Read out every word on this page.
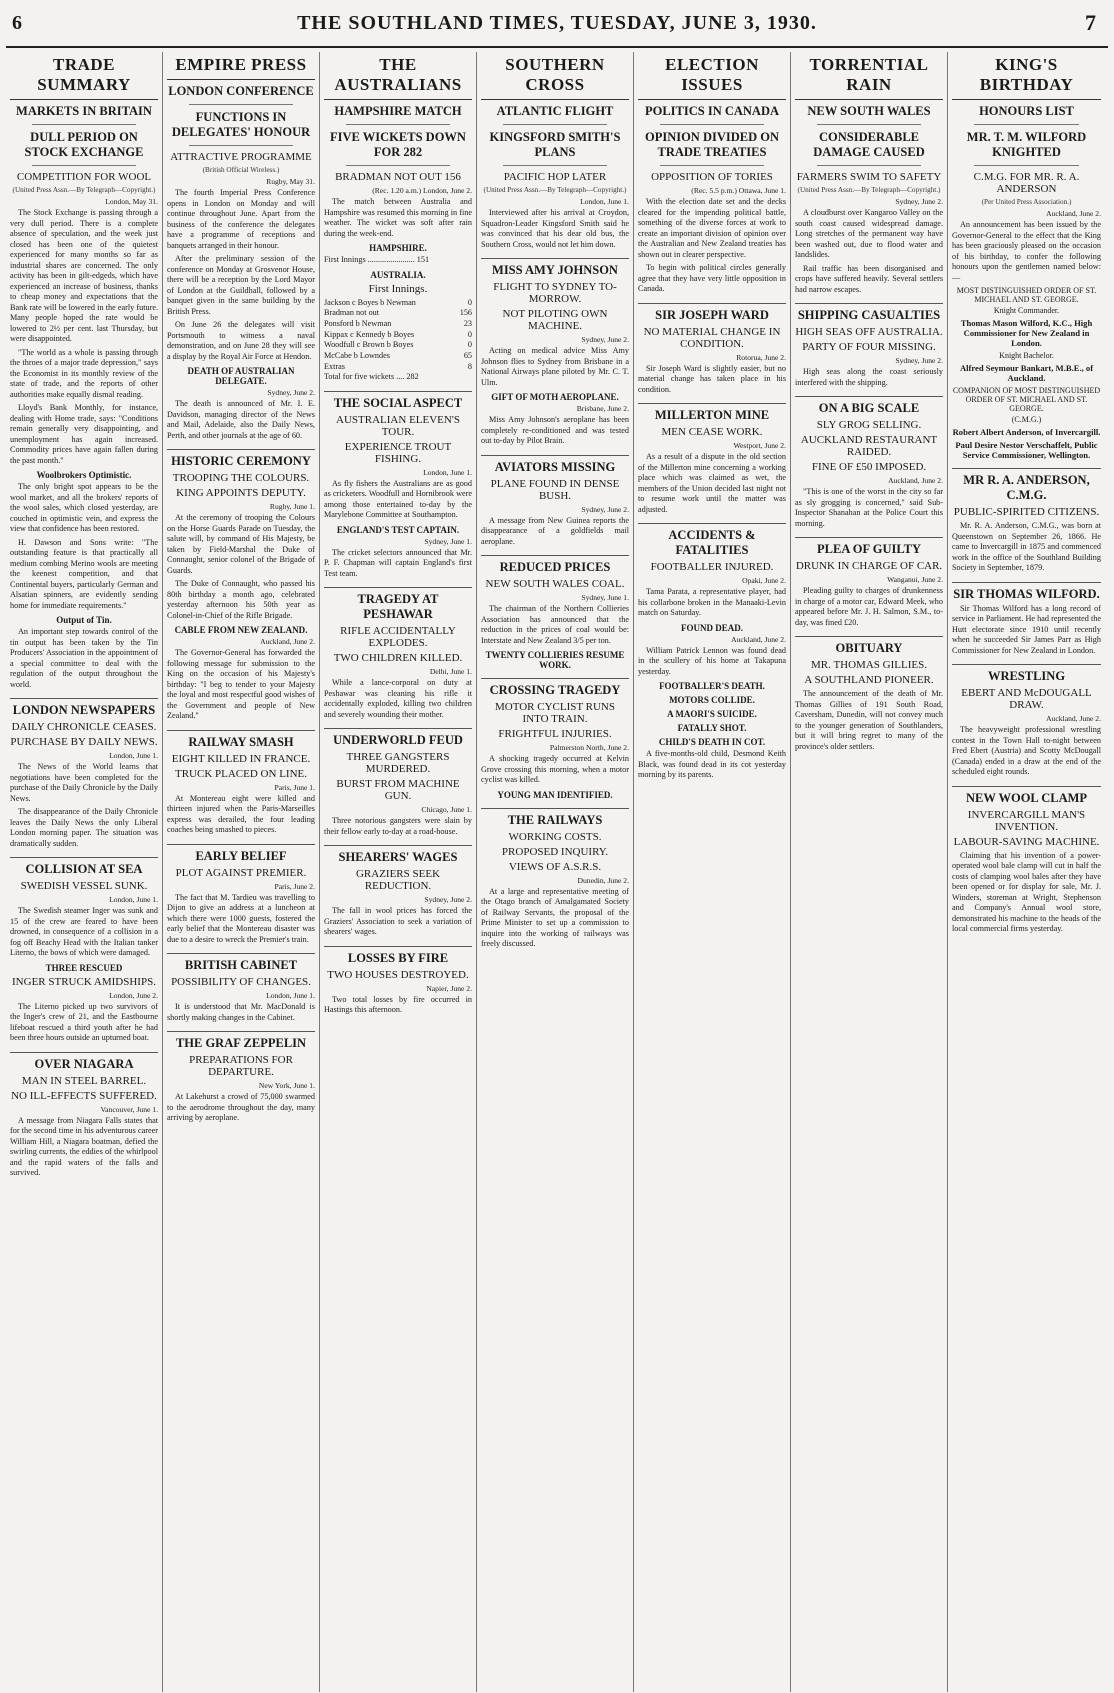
6	THE SOUTHLAND TIMES, TUESDAY, JUNE 3, 1930.	7
TRADE SUMMARY
MARKETS IN BRITAIN
DULL PERIOD ON STOCK EXCHANGE
COMPETITION FOR WOOL
(United Press Assn.—By Telegraph—Copyright.)
London, May 31.

The Stock Exchange is passing through a very dull period. There is a complete absence of speculation, and the week just closed has been one of the quietest experienced for many months so far as industrial shares are concerned. The only activity has been in gilt-edgeds, which have experienced an increase of business, thanks to cheap money and expectations that the Bank rate will be lowered in the early future. Many people hoped the rate would be lowered to 2½ per cent. last Thursday, but were disappointed.

"The world as a whole is passing through the throes of a major trade depression," says the Economist in its monthly review of the state of trade, and the reports of other authorities make equally dismal reading.

Lloyd's Bank Monthly, for instance, dealing with Home trade, says: "Conditions remain generally very disappointing, and unemployment has again increased. Commodity prices have again fallen during the past month."

Woolbrokers Optimistic.

The only bright spot appears to be the wool market, and all the brokers' reports of the wool sales, which closed yesterday, are couched in optimistic vein, and express the view that confidence has been restored.

H. Dawson and Sons write: "The outstanding feature is that practically all medium combing Merino wools are meeting the keenest competition, and that Continental buyers, particularly German and Alsatian spinners, are evidently sending home for immediate requirements."

Output of Tin.

An important step towards control of the tin output has been taken by the Tin Producers' Association in the appointment of a special committee to deal with the regulation of the output throughout the world.

LONDON NEWSPAPERS
DAILY CHRONICLE CEASES.
PURCHASE BY DAILY NEWS.
London, June 1.

The News of the World learns that negotiations have been completed for the purchase of the Daily Chronicle by the Daily News.

The disappearance of the Daily Chronicle leaves the Daily News the only Liberal London morning paper. The situation was dramatically sudden.

COLLISION AT SEA
SWEDISH VESSEL SUNK.
London, June 1.

The Swedish steamer Inger was sunk and 15 of the crew are feared to have been drowned, in consequence of a collision in a fog off Beachy Head with the Italian tanker Literno, the bows of which were damaged.

THREE RESCUED
INGER STRUCK AMIDSHIPS.
London, June 2.

The Literno picked up two survivors of the Inger's crew of 21, and the Eastbourne lifeboat rescued a third youth after he had been three hours outside an upturned boat.

OVER NIAGARA
MAN IN STEEL BARREL.
NO ILL-EFFECTS SUFFERED.
Vancouver, June 1.

A message from Niagara Falls states that for the second time in his adventurous career William Hill, a Niagara boatman, defied the swirling currents, the eddies of the whirlpool and the rapid waters of the falls and survived.

EMPIRE PRESS
LONDON CONFERENCE
FUNCTIONS IN DELEGATES' HONOUR
ATTRACTIVE PROGRAMME
(British Official Wireless.)
Rugby, May 31.

The fourth Imperial Press Conference opens in London on Monday and will continue throughout June. Apart from the business of the conference the delegates have a programme of receptions and banquets arranged in their honour.

After the preliminary session of the conference on Monday at Grosvenor House, there will be a reception by the Lord Mayor of London at the Guildhall, followed by a banquet given in the same building by the British Press.

On June 26 the delegates will visit Portsmouth to witness a naval demonstration, and on June 28 they will see a display by the Royal Air Force at Hendon.

DEATH OF AUSTRALIAN DELEGATE.
Sydney, June 2.

The death is announced of Mr. I. E. Davidson, managing director of the News and Mail, Adelaide, also the Daily News, Perth, and other journals at the age of 60.

HISTORIC CEREMONY
TROOPING THE COLOURS.
KING APPOINTS DEPUTY.
Rugby, June 1.

At the ceremony of trooping the Colours on the Horse Guards Parade on Tuesday, the salute will, by command of His Majesty, be taken by Field-Marshal the Duke of Connaught, senior colonel of the Brigade of Guards.

The Duke of Connaught, who passed his 80th birthday a month ago, celebrated yesterday afternoon his 50th year as Colonel-in-Chief of the Rifle Brigade.

CABLE FROM NEW ZEALAND.
Auckland, June 2.

The Governor-General has forwarded the following message for submission to the King on the occasion of his Majesty's birthday: "I beg to tender to your Majesty the loyal and most respectful good wishes of the Government and people of New Zealand."

RAILWAY SMASH
EIGHT KILLED IN FRANCE.
TRUCK PLACED ON LINE.
Paris, June 1.

At Montereau eight were killed and thirteen injured when the Paris-Marseilles express was derailed, the four leading coaches being smashed to pieces.

EARLY BELIEF
PLOT AGAINST PREMIER.
Paris, June 2.

The fact that M. Tardieu was travelling to Dijon to give an address at a luncheon at which there were 1000 guests, fostered the early belief that the Montereau disaster was due to a desire to wreck the Premier's train.

BRITISH CABINET
POSSIBILITY OF CHANGES.
London, June 1.

It is understood that Mr. MacDonald is shortly making changes in the Cabinet.

THE GRAF ZEPPELIN
PREPARATIONS FOR DEPARTURE.
New York, June 1.

At Lakehurst a crowd of 75,000 swarmed to the aerodrome throughout the day, many arriving by aeroplane.

THE AUSTRALIANS
HAMPSHIRE MATCH
FIVE WICKETS DOWN FOR 282
BRADMAN NOT OUT 156
(Rec. 1.20 a.m.) London, June 2.

The match between Australia and Hampshire was resumed this morning in fine weather. The wicket was soft after rain during the week-end.

HAMPSHIRE.
First Innings ....................... 151
AUSTRALIA.
First Innings.
Jackson c Boyes b Newman	0
Bradman not out	156
Ponsford b Newman	23
Kippax c Kennedy b Boyes	0
Woodfull c Brown b Boyes	0
McCabe b Lowndes	65
Extras	8
Total for five wickets .... 282
THE SOCIAL ASPECT
AUSTRALIAN ELEVEN'S TOUR.
EXPERIENCE TROUT FISHING.
London, June 1.

As fly fishers the Australians are as good as cricketers. Woodfull and Hornibrook were among those entertained to-day by the Marylebone Committee at Southampton.

ENGLAND'S TEST CAPTAIN.
Sydney, June 1.

The cricket selectors announced that Mr. P. F. Chapman will captain England's first Test team.

TRAGEDY AT PESHAWAR
RIFLE ACCIDENTALLY EXPLODES.
TWO CHILDREN KILLED.
Delhi, June 1.

While a lance-corporal on duty at Peshawar was cleaning his rifle it accidentally exploded, killing two children and severely wounding their mother.

UNDERWORLD FEUD
THREE GANGSTERS MURDERED.
BURST FROM MACHINE GUN.
Chicago, June 1.

Three notorious gangsters were slain by their fellow early to-day at a road-house.

SHEARERS' WAGES
GRAZIERS SEEK REDUCTION.
Sydney, June 2.

The fall in wool prices has forced the Graziers' Association to seek a variation of shearers' wages.

LOSSES BY FIRE
TWO HOUSES DESTROYED.
Napier, June 2.

Two total losses by fire occurred in Hastings this afternoon.

SOUTHERN CROSS
ATLANTIC FLIGHT
KINGSFORD SMITH'S PLANS
PACIFIC HOP LATER
(United Press Assn.—By Telegraph—Copyright.)
London, June 1.

Interviewed after his arrival at Croydon, Squadron-Leader Kingsford Smith said he was convinced that his dear old bus, the Southern Cross, would not let him down.

MISS AMY JOHNSON
FLIGHT TO SYDNEY TO-MORROW.
NOT PILOTING OWN MACHINE.
Sydney, June 2.

Acting on medical advice Miss Amy Johnson flies to Sydney from Brisbane in a National Airways plane piloted by Mr. C. T. Ulm.

GIFT OF MOTH AEROPLANE.
Brisbane, June 2.

Miss Amy Johnson's aeroplane has been completely re-conditioned and was tested out to-day by Pilot Brain.

AVIATORS MISSING
PLANE FOUND IN DENSE BUSH.
Sydney, June 2.

A message from New Guinea reports the disappearance of a goldfields mail aeroplane.

REDUCED PRICES
NEW SOUTH WALES COAL.
Sydney, June 1.

The chairman of the Northern Collieries Association has announced that the reduction in the prices of coal would be: Interstate and New Zealand 3/5 per ton.

TWENTY COLLIERIES RESUME WORK.
CROSSING TRAGEDY
MOTOR CYCLIST RUNS INTO TRAIN.
FRIGHTFUL INJURIES.
Palmerston North, June 2.

A shocking tragedy occurred at Kelvin Grove crossing this morning, when a motor cyclist was killed.

YOUNG MAN IDENTIFIED.
THE RAILWAYS
WORKING COSTS.
PROPOSED INQUIRY.
VIEWS OF A.S.R.S.
Dunedin, June 2.

At a large and representative meeting of the Otago branch of Amalgamated Society of Railway Servants, the proposal of the Prime Minister to set up a commission to inquire into the working of railways was freely discussed.

ELECTION ISSUES
POLITICS IN CANADA
OPINION DIVIDED ON TRADE TREATIES
OPPOSITION OF TORIES
(Rec. 5.5 p.m.) Ottawa, June 1.

With the election date set and the decks cleared for the impending political battle, something of the diverse forces at work to create an important division of opinion over the Australian and New Zealand treaties has shown out in clearer perspective.

To begin with political circles generally agree that they have very little opposition in Canada.

SIR JOSEPH WARD
NO MATERIAL CHANGE IN CONDITION.
Rotorua, June 2.

Sir Joseph Ward is slightly easier, but no material change has taken place in his condition.

MILLERTON MINE
MEN CEASE WORK.
Westport, June 2.

As a result of a dispute in the old section of the Millerton mine concerning a working place which was claimed as wet, the members of the Union decided last night not to resume work until the matter was adjusted.

ACCIDENTS & FATALITIES
FOOTBALLER INJURED.
Opaki, June 2.

Tama Parata, a representative player, had his collarbone broken in the Manaaki-Levin match on Saturday.

FOUND DEAD.
Auckland, June 2.

William Patrick Lennon was found dead in the scullery of his home at Takapuna yesterday.

FOOTBALLER'S DEATH.
MOTORS COLLIDE.
A MAORI'S SUICIDE.
FATALLY SHOT.
CHILD'S DEATH IN COT.

A five-months-old child, Desmond Keith Black, was found dead in its cot yesterday morning by its parents.

TORRENTIAL RAIN
NEW SOUTH WALES
CONSIDERABLE DAMAGE CAUSED
FARMERS SWIM TO SAFETY
(United Press Assn.—By Telegraph—Copyright.)
Sydney, June 2.

A cloudburst over Kangaroo Valley on the south coast caused widespread damage. Long stretches of the permanent way have been washed out, due to flood water and landslides.

Rail traffic has been disorganised and crops have suffered heavily. Several settlers had narrow escapes.

SHIPPING CASUALTIES
HIGH SEAS OFF AUSTRALIA.
PARTY OF FOUR MISSING.
Sydney, June 2.

High seas along the coast seriously interfered with the shipping.

ON A BIG SCALE
SLY GROG SELLING.
AUCKLAND RESTAURANT RAIDED.
FINE OF £50 IMPOSED.
Auckland, June 2.

"This is one of the worst in the city so far as sly grogging is concerned," said Sub-Inspector Shanahan at the Police Court this morning.

PLEA OF GUILTY
DRUNK IN CHARGE OF CAR.
Wanganui, June 2.

Pleading guilty to charges of drunkenness in charge of a motor car, Edward Meek, who appeared before Mr. J. H. Salmon, S.M., to-day, was fined £20.

OBITUARY
MR. THOMAS GILLIES.
A SOUTHLAND PIONEER.

The announcement of the death of Mr. Thomas Gillies of 191 South Road, Caversham, Dunedin, will not convey much to the younger generation of Southlanders, but it will bring regret to many of the province's older settlers.

KING'S BIRTHDAY
HONOURS LIST
MR. T. M. WILFORD KNIGHTED
C.M.G. FOR MR. R. A. ANDERSON
(Per United Press Association.)
Auckland, June 2.

An announcement has been issued by the Governor-General to the effect that the King has been graciously pleased on the occasion of his birthday, to confer the following honours upon the gentlemen named below:—

MOST DISTINGUISHED ORDER OF ST. MICHAEL AND ST. GEORGE.
Knight Commander.
Thomas Mason Wilford, K.C., High Commissioner for New Zealand in London.
Knight Bachelor.
Alfred Seymour Bankart, M.B.E., of Auckland.
COMPANION OF MOST DISTINGUISHED ORDER OF ST. MICHAEL AND ST. GEORGE.
(C.M.G.)
Robert Albert Anderson, of Invercargill.
Paul Desire Nestor Verschaffelt, Public Service Commissioner, Wellington.
MR R. A. ANDERSON, C.M.G.
PUBLIC-SPIRITED CITIZENS.

Mr. R. A. Anderson, C.M.G., was born at Queenstown on September 26, 1866. He came to Invercargill in 1875 and commenced work in the office of the Southland Building Society in September, 1879.

SIR THOMAS WILFORD.

Sir Thomas Wilford has a long record of service in Parliament. He had represented the Hutt electorate since 1910 until recently when he succeeded Sir James Parr as High Commissioner for New Zealand in London.

WRESTLING
EBERT AND McDOUGALL DRAW.
Auckland, June 2.

The heavyweight professional wrestling contest in the Town Hall to-night between Fred Ebert (Austria) and Scotty McDougall (Canada) ended in a draw at the end of the scheduled eight rounds.

NEW WOOL CLAMP
INVERCARGILL MAN'S INVENTION.
LABOUR-SAVING MACHINE.

Claiming that his invention of a power-operated wool bale clamp will cut in half the costs of clamping wool bales after they have been opened or for display for sale, Mr. J. Winders, storeman at Wright, Stephenson and Company's Annual wool store, demonstrated his machine to the heads of the local commercial firms yesterday.
